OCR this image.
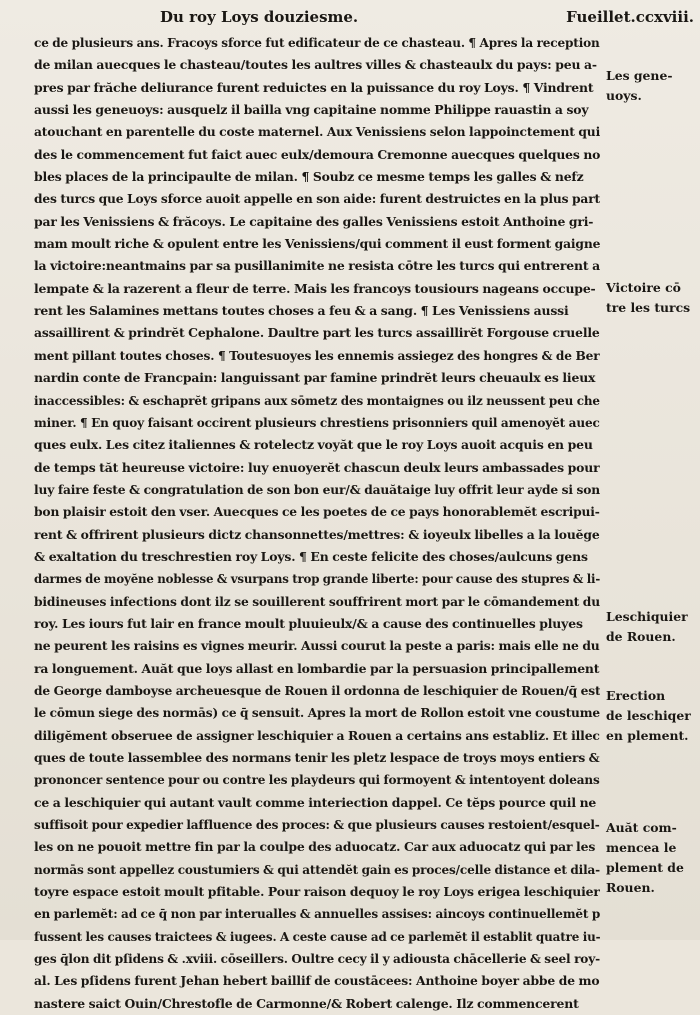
Du roy Loys douziesme.	Fueillet.ccxviii.
ce de plusieurs ans. Fracoys sforce fut edificateur de ce chasteau. ¶ Apres la reception
de milan auecques le chasteau/toutes les aultres villes & chasteaulx du pays: peu a-
pres par frăche deliurance furent reduictes en la puissance du roy Loys. ¶ Vindrent
aussi les geneuoys: ausquelz il bailla vng capitaine nomme Philippe rauastin a soy
atouchant en parentelle du coste maternel. Aux Venissiens selon lappoinctement qui
des le commencement fut faict auec eulx/demoura Cremonne auecques quelques no
bles places de la principaulte de milan. ¶ Soubz ce mesme temps les galles & nefz
des turcs que Loys sforce auoit appelle en son aide: furent destruictes en la plus part
par les Venissiens & frăcoys. Le capitaine des galles Venissiens estoit Anthoine gri-
mam moult riche & opulent entre les Venissiens/qui comment il eust forment gaigne
la victoire:neantmains par sa pusillanimite ne resista cōtre les turcs qui entrerent a
lempate & la razerent a fleur de terre. Mais les francoys tousiours nageans occupe-
rent les Salamines mettans toutes choses a feu & a sang. ¶ Les Venissiens aussi
assaillirent & prindrĕt Cephalone. Daultre part les turcs assaillirĕt Forgouse cruelle
ment pillant toutes choses. ¶ Toutesuoyes les ennemis assiegez des hongres & de Ber
nardin conte de Francpain: languissant par famine prindrĕt leurs cheuaulx es lieux
inaccessibles: & eschaprĕt gripans aux sōmetz des montaignes ou ilz neussent peu che
miner. ¶ En quoy faisant occirent plusieurs chrestiens prisonniers quil amenoyĕt auec
ques eulx. Les citez italiennes & rotelectz voyăt que le roy Loys auoit acquis en peu
de temps tăt heureuse victoire: luy enuoyerĕt chascun deulx leurs ambassades pour
luy faire feste & congratulation de son bon eur/& dauătaige luy offrit leur ayde si son
bon plaisir estoit den vser. Auecques ce les poetes de ce pays honorablemĕt escripui-
rent & offrirent plusieurs dictz chansonnettes/mettres: & ioyeulx libelles a la louĕge
& exaltation du treschrestien roy Loys. ¶ En ceste felicite des choses/aulcuns gens
darmes de moyĕne noblesse & vsurpans trop grande liberte: pour cause des stupres & li-
bidineuses infections dont ilz se souillerent souffrirent mort par le cōmandement du
roy. Les iours fut lair en france moult pluuieulx/& a cause des continuelles pluyes
ne peurent les raisins es vignes meurir. Aussi courut la peste a paris: mais elle ne du
ra longuement. Auăt que loys allast en lombardie par la persuasion principallement
de George damboyse archeuesque de Rouen il ordonna de leschiquier de Rouen/q̄ est
le cōmun siege des normās) ce q̄ sensuit. Apres la mort de Rollon estoit vne coustume
diligĕment obseruee de assigner leschiquier a Rouen a certains ans establiz. Et illec
ques de toute lassemblee des normans tenir les pletz lespace de troys moys entiers &
prononcer sentence pour ou contre les playdeurs qui formoyent & intentoyent doleans
ce a leschiquier qui autant vault comme interiection dappel. Ce tĕps pource quil ne
suffisoit pour expedier laffluence des proces: & que plusieurs causes restoient/esquel-
les on ne pouoit mettre fin par la coulpe des aduocatz. Car aux aduocatz qui par les
normās sont appellez coustumiers & qui attendĕt gain es proces/celle distance et dila-
toyre espace estoit moult pfitable. Pour raison dequoy le roy Loys erigea leschiquier
en parlemĕt: ad ce q̄ non par interualles & annuelles assises: aincoys continuellemĕt p
fussent les causes traictees & iugees. A ceste cause ad ce parlemĕt il establit quatre iu-
ges q̄lon dit pſidens & .xviii. cōseillers. Oultre cecy il y adiousta chācellerie & seel roy-
al. Les pſidens furent Jehan hebert baillif de coustācees: Anthoine boyer abbe de mo
nastere saict Ouin/Chrestofle de Carmonne/& Robert calenge. Ilz commencerent
Les gene-
uoys.
Victoire cō
tre les turcs
Leschiquier
de Rouen.
Erection
de leschiqer
en plement.
Auăt com-
mencea le
plement de
Rouen.
